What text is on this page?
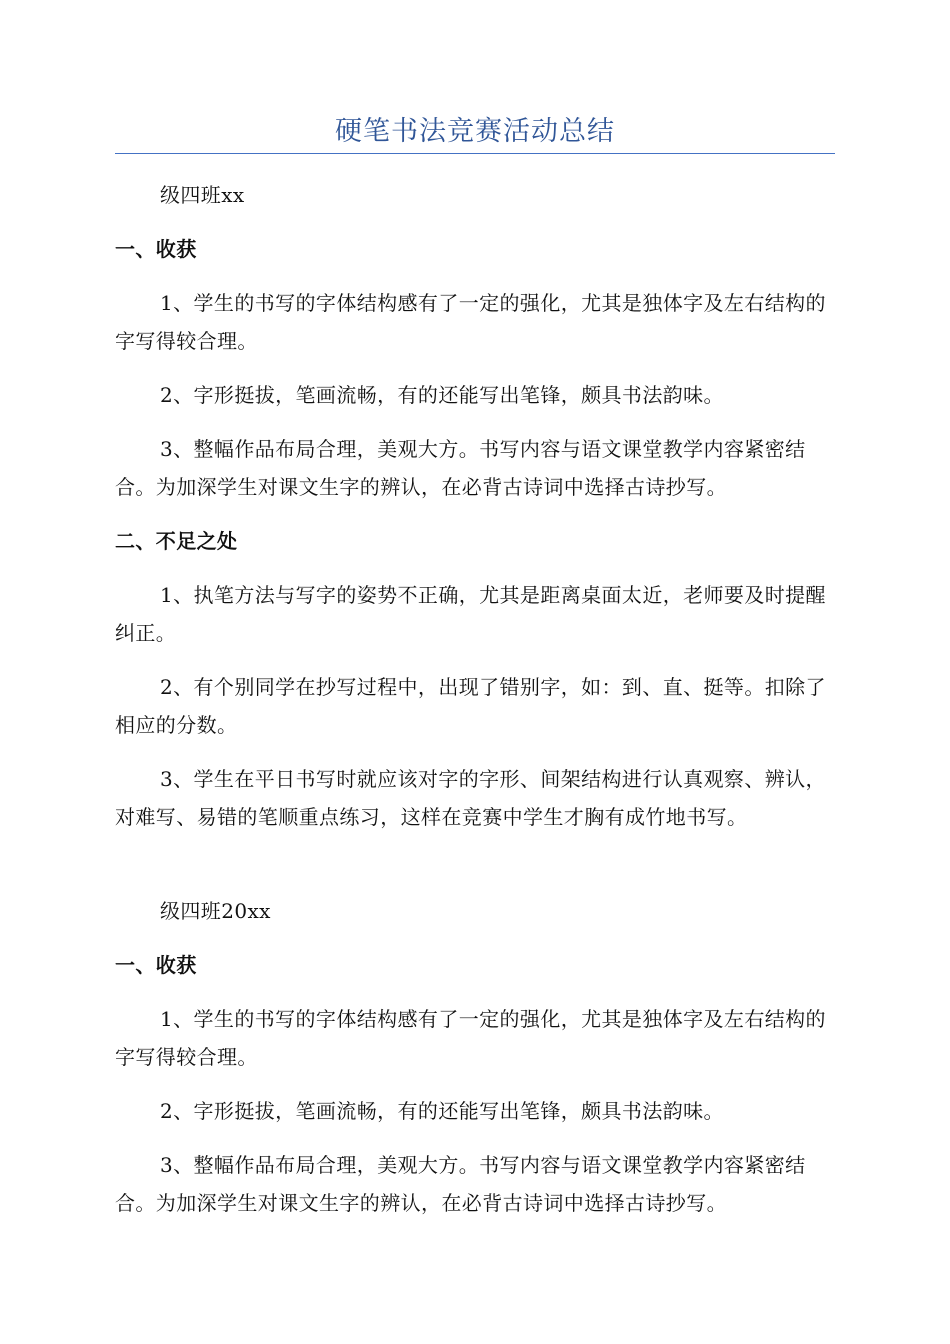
硬笔书法竞赛活动总结

级四班xx

一、收获

1、学生的书写的字体结构感有了一定的强化，尤其是独体字及左右结构的字写得较合理。

2、字形挺拔，笔画流畅，有的还能写出笔锋，颇具书法韵味。

3、整幅作品布局合理，美观大方。书写内容与语文课堂教学内容紧密结合。为加深学生对课文生字的辨认，在必背古诗词中选择古诗抄写。

二、不足之处

1、执笔方法与写字的姿势不正确，尤其是距离桌面太近，老师要及时提醒纠正。

2、有个别同学在抄写过程中，出现了错别字，如：到、直、挺等。扣除了相应的分数。

3、学生在平日书写时就应该对字的字形、间架结构进行认真观察、辨认，对难写、易错的笔顺重点练习，这样在竞赛中学生才胸有成竹地书写。

级四班20xx

一、收获

1、学生的书写的字体结构感有了一定的强化，尤其是独体字及左右结构的字写得较合理。

2、字形挺拔，笔画流畅，有的还能写出笔锋，颇具书法韵味。

3、整幅作品布局合理，美观大方。书写内容与语文课堂教学内容紧密结合。为加深学生对课文生字的辨认，在必背古诗词中选择古诗抄写。
